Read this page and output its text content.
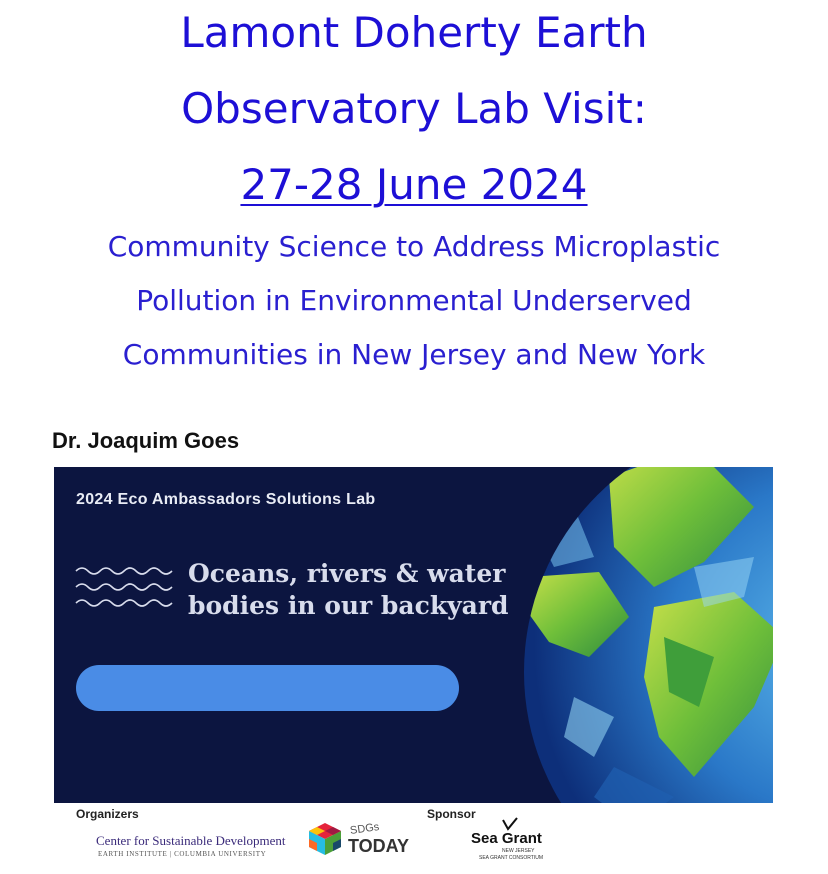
Lamont Doherty Earth
Observatory Lab Visit:
27-28 June 2024
Community Science to Address Microplastic
Pollution in Environmental Underserved
Communities in New Jersey and New York
Dr. Joaquim Goes
2024 Eco Ambassadors Solutions Lab
Oceans, rivers & water
bodies in our backyard
Organizers
Center for Sustainable Development
EARTH INSTITUTE | COLUMBIA UNIVERSITY
SDGs
TODAY
Sponsor
Sea Grant
NEW JERSEY
SEA GRANT CONSORTIUM
